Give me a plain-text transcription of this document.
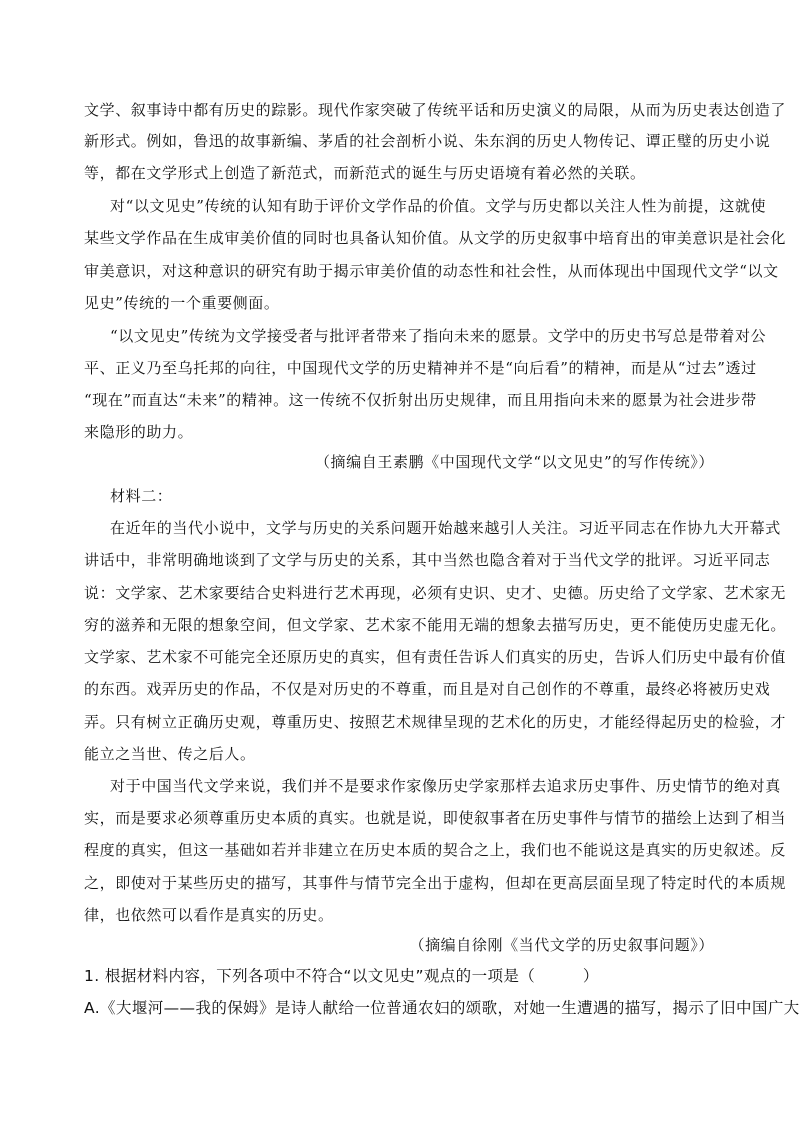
文学、叙事诗中都有历史的踪影。现代作家突破了传统平话和历史演义的局限，从而为历史表达创造了
新形式。例如，鲁迅的故事新编、茅盾的社会剖析小说、朱东润的历史人物传记、谭正璧的历史小说
等，都在文学形式上创造了新范式，而新范式的诞生与历史语境有着必然的关联。
对“以文见史”传统的认知有助于评价文学作品的价值。文学与历史都以关注人性为前提，这就使
某些文学作品在生成审美价值的同时也具备认知价值。从文学的历史叙事中培育出的审美意识是社会化
审美意识，对这种意识的研究有助于揭示审美价值的动态性和社会性，从而体现出中国现代文学“以文
见史”传统的一个重要侧面。
“以文见史”传统为文学接受者与批评者带来了指向未来的愿景。文学中的历史书写总是带着对公
平、正义乃至乌托邦的向往，中国现代文学的历史精神并不是“向后看”的精神，而是从“过去”透过
“现在”而直达“未来”的精神。这一传统不仅折射出历史规律，而且用指向未来的愿景为社会进步带
来隐形的助力。
（摘编自王素鹏《中国现代文学“以文见史”的写作传统》）
材料二：
在近年的当代小说中，文学与历史的关系问题开始越来越引人关注。习近平同志在作协九大开幕式
讲话中，非常明确地谈到了文学与历史的关系，其中当然也隐含着对于当代文学的批评。习近平同志
说：文学家、艺术家要结合史料进行艺术再现，必须有史识、史才、史德。历史给了文学家、艺术家无
穷的滋养和无限的想象空间，但文学家、艺术家不能用无端的想象去描写历史，更不能使历史虚无化。
文学家、艺术家不可能完全还原历史的真实，但有责任告诉人们真实的历史，告诉人们历史中最有价值
的东西。戏弄历史的作品，不仅是对历史的不尊重，而且是对自己创作的不尊重，最终必将被历史戏
弄。只有树立正确历史观，尊重历史、按照艺术规律呈现的艺术化的历史，才能经得起历史的检验，才
能立之当世、传之后人。
对于中国当代文学来说，我们并不是要求作家像历史学家那样去追求历史事件、历史情节的绝对真
实，而是要求必须尊重历史本质的真实。也就是说，即使叙事者在历史事件与情节的描绘上达到了相当
程度的真实，但这一基础如若并非建立在历史本质的契合之上，我们也不能说这是真实的历史叙述。反
之，即使对于某些历史的描写，其事件与情节完全出于虚构，但却在更高层面呈现了特定时代的本质规
律，也依然可以看作是真实的历史。
（摘编自徐刚《当代文学的历史叙事问题》）
1. 根据材料内容，下列各项中不符合“以文见史”观点的一项是（　　　）
A.《大堰河——我的保姆》是诗人献给一位普通农妇的颂歌，对她一生遭遇的描写，揭示了旧中国广大
